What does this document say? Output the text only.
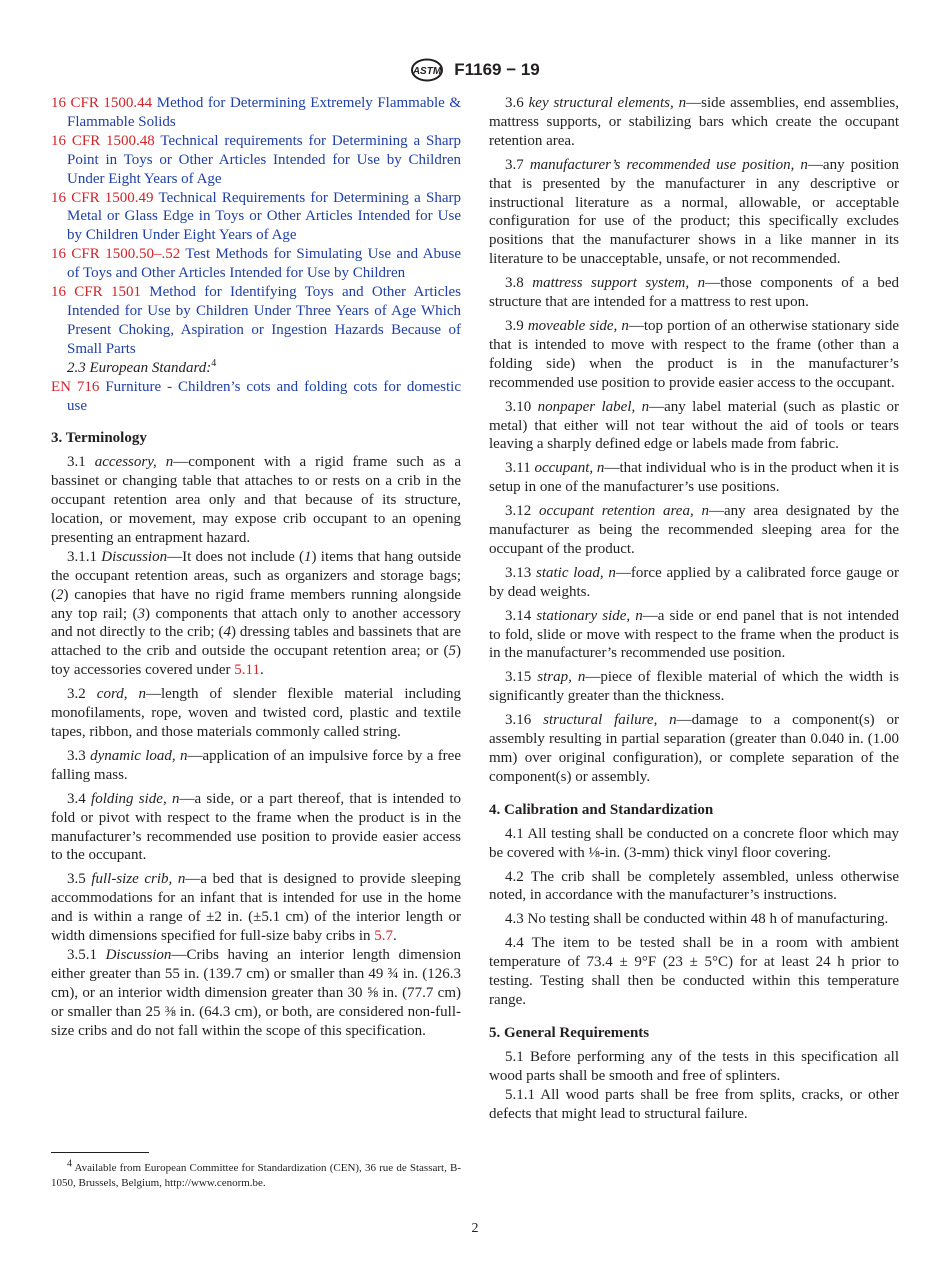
ASTM F1169 − 19

16 CFR 1500.44 Method for Determining Extremely Flammable & Flammable Solids

16 CFR 1500.48 Technical requirements for Determining a Sharp Point in Toys or Other Articles Intended for Use by Children Under Eight Years of Age

16 CFR 1500.49 Technical Requirements for Determining a Sharp Metal or Glass Edge in Toys or Other Articles Intended for Use by Children Under Eight Years of Age

16 CFR 1500.50–.52 Test Methods for Simulating Use and Abuse of Toys and Other Articles Intended for Use by Children

16 CFR 1501 Method for Identifying Toys and Other Articles Intended for Use by Children Under Three Years of Age Which Present Choking, Aspiration or Ingestion Hazards Because of Small Parts

2.3 European Standard:$^4$

EN 716 Furniture - Children’s cots and folding cots for domestic use

3. Terminology

3.1 accessory, n—component with a rigid frame such as a bassinet or changing table that attaches to or rests on a crib in the occupant retention area only and that because of its structure, location, or movement, may expose crib occupant to an opening presenting an entrapment hazard.

3.1.1 Discussion—It does not include (1) items that hang outside the occupant retention areas, such as organizers and storage bags; (2) canopies that have no rigid frame members running alongside any top rail; (3) components that attach only to another accessory and not directly to the crib; (4) dressing tables and bassinets that are attached to the crib and outside the occupant retention area; or (5) toy accessories covered under 5.11.

3.2 cord, n—length of slender flexible material including monofilaments, rope, woven and twisted cord, plastic and textile tapes, ribbon, and those materials commonly called string.

3.3 dynamic load, n—application of an impulsive force by a free falling mass.

3.4 folding side, n—a side, or a part thereof, that is intended to fold or pivot with respect to the frame when the product is in the manufacturer’s recommended use position to provide easier access to the occupant.

3.5 full-size crib, n—a bed that is designed to provide sleeping accommodations for an infant that is intended for use in the home and is within a range of ±2 in. (±5.1 cm) of the interior length or width dimensions specified for full-size baby cribs in 5.7.

3.5.1 Discussion—Cribs having an interior length dimension either greater than 55 in. (139.7 cm) or smaller than 49 ¾ in. (126.3 cm), or an interior width dimension greater than 30 ⅝ in. (77.7 cm) or smaller than 25 ⅜ in. (64.3 cm), or both, are considered non-full-size cribs and do not fall within the scope of this specification.

$^4$ Available from European Committee for Standardization (CEN), 36 rue de Stassart, B-1050, Brussels, Belgium, http://www.cenorm.be.

3.6 key structural elements, n—side assemblies, end assemblies, mattress supports, or stabilizing bars which create the occupant retention area.

3.7 manufacturer’s recommended use position, n—any position that is presented by the manufacturer in any descriptive or instructional literature as a normal, allowable, or acceptable configuration for use of the product; this specifically excludes positions that the manufacturer shows in a like manner in its literature to be unacceptable, unsafe, or not recommended.

3.8 mattress support system, n—those components of a bed structure that are intended for a mattress to rest upon.

3.9 moveable side, n—top portion of an otherwise stationary side that is intended to move with respect to the frame (other than a folding side) when the product is in the manufacturer’s recommended use position to provide easier access to the occupant.

3.10 nonpaper label, n—any label material (such as plastic or metal) that either will not tear without the aid of tools or tears leaving a sharply defined edge or labels made from fabric.

3.11 occupant, n—that individual who is in the product when it is setup in one of the manufacturer’s use positions.

3.12 occupant retention area, n—any area designated by the manufacturer as being the recommended sleeping area for the occupant of the product.

3.13 static load, n—force applied by a calibrated force gauge or by dead weights.

3.14 stationary side, n—a side or end panel that is not intended to fold, slide or move with respect to the frame when the product is in the manufacturer’s recommended use position.

3.15 strap, n—piece of flexible material of which the width is significantly greater than the thickness.

3.16 structural failure, n—damage to a component(s) or assembly resulting in partial separation (greater than 0.040 in. (1.00 mm) over original configuration), or complete separation of the component(s) or assembly.

4. Calibration and Standardization

4.1 All testing shall be conducted on a concrete floor which may be covered with ⅛-in. (3-mm) thick vinyl floor covering.

4.2 The crib shall be completely assembled, unless otherwise noted, in accordance with the manufacturer’s instructions.

4.3 No testing shall be conducted within 48 h of manufacturing.

4.4 The item to be tested shall be in a room with ambient temperature of 73.4 ± 9°F (23 ± 5°C) for at least 24 h prior to testing. Testing shall then be conducted within this temperature range.

5. General Requirements

5.1 Before performing any of the tests in this specification all wood parts shall be smooth and free of splinters.

5.1.1 All wood parts shall be free from splits, cracks, or other defects that might lead to structural failure.

2
